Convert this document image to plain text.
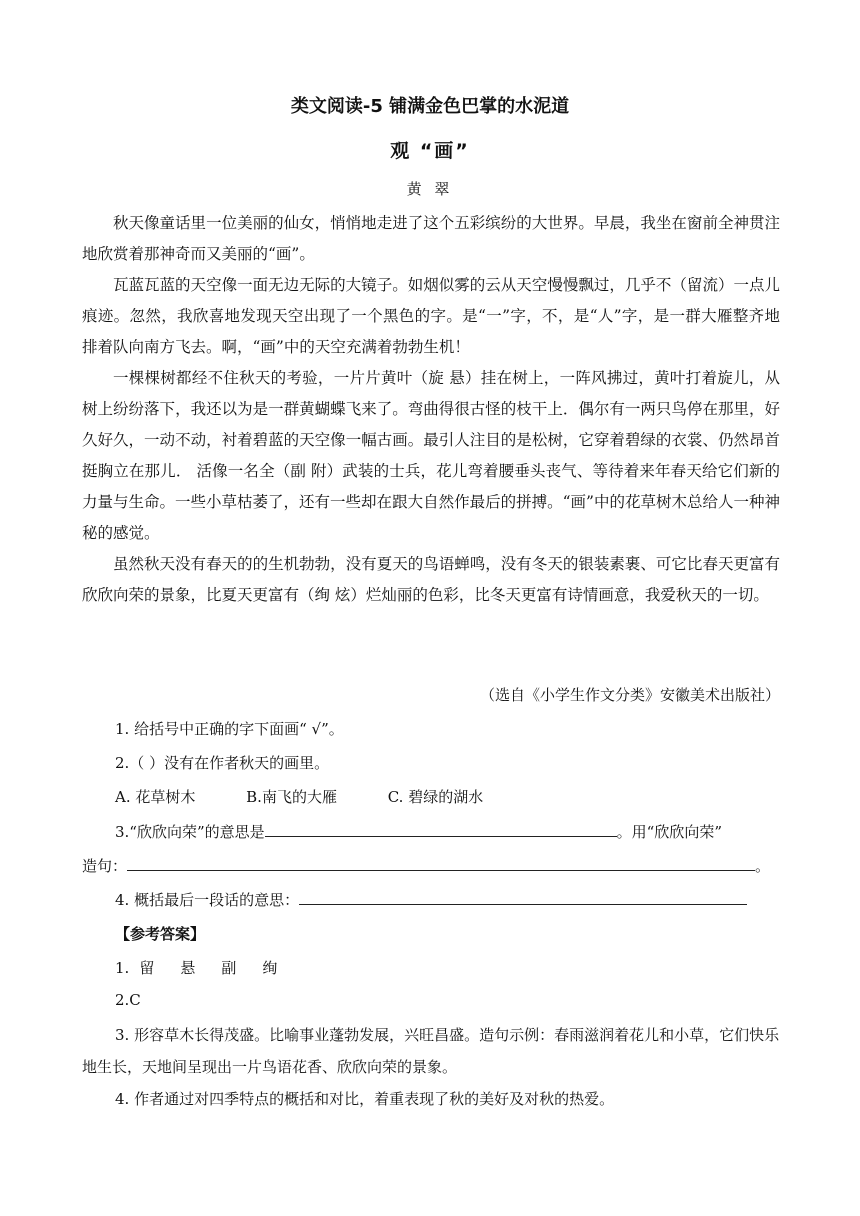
类文阅读-5 铺满金色巴掌的水泥道
观 “画”
黄 翠

秋天像童话里一位美丽的仙女，悄悄地走进了这个五彩缤纷的大世界。早晨，我坐在窗前全神贯注地欣赏着那神奇而又美丽的“画”。

瓦蓝瓦蓝的天空像一面无边无际的大镜子。如烟似雾的云从天空慢慢飘过，几乎不（留流）一点儿痕迹。忽然，我欣喜地发现天空出现了一个黑色的字。是“一”字，不，是“人”字，是一群大雁整齐地排着队向南方飞去。啊，“画”中的天空充满着勃勃生机！

一棵棵树都经不住秋天的考验，一片片黄叶（旋 悬）挂在树上，一阵风拂过，黄叶打着旋儿，从树上纷纷落下，我还以为是一群黄蝴蝶飞来了。弯曲得很古怪的枝干上．偶尔有一两只鸟停在那里，好久好久，一动不动，衬着碧蓝的天空像一幅古画。最引人注目的是松树，它穿着碧绿的衣裳、仍然昂首挺胸立在那儿． 活像一名全（副 附）武装的士兵，花儿弯着腰垂头丧气、等待着来年春天给它们新的力量与生命。一些小草枯萎了，还有一些却在跟大自然作最后的拼搏。“画”中的花草树木总给人一种神秘的感觉。

虽然秋天没有春天的的生机勃勃，没有夏天的鸟语蝉鸣，没有冬天的银装素裹、可它比春天更富有欣欣向荣的景象，比夏天更富有（绚 炫）烂灿丽的色彩，比冬天更富有诗情画意，我爱秋天的一切。

（选自《小学生作文分类》安徽美术出版社）
1. 给括号中正确的字下面画“ √”。
2.（ ）没有在作者秋天的画里。
A. 花草树木	B.南飞的大雁	C. 碧绿的湖水
3.“欣欣向荣”的意思是	。用“欣欣向荣”
造句：	。
4. 概括最后一段话的意思：
【参考答案】
1. 留 悬 副 绚
2.C

3. 形容草木长得茂盛。比喻事业蓬勃发展，兴旺昌盛。造句示例：春雨滋润着花儿和小草，它们快乐地生长，天地间呈现出一片鸟语花香、欣欣向荣的景象。

4. 作者通过对四季特点的概括和对比，着重表现了秋的美好及对秋的热爱。
